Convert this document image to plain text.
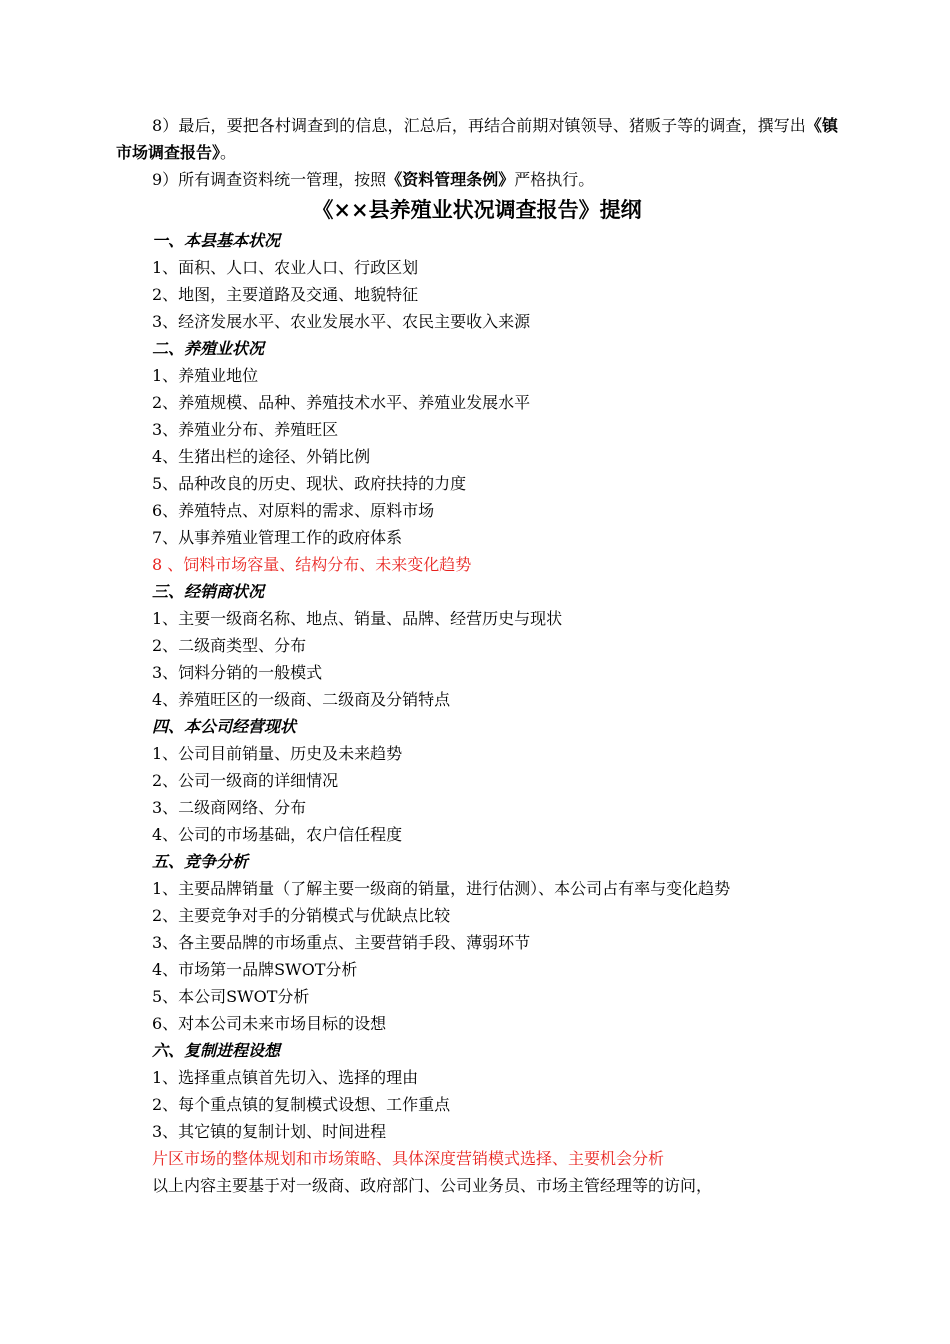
8）最后，要把各村调查到的信息，汇总后，再结合前期对镇领导、猪贩子等的调查，撰写出《镇市场调查报告》。
9）所有调查资料统一管理，按照《资料管理条例》严格执行。
《××县养殖业状况调查报告》提纲
一、本县基本状况
1、面积、人口、农业人口、行政区划
2、地图，主要道路及交通、地貌特征
3、经济发展水平、农业发展水平、农民主要收入来源
二、养殖业状况
1、养殖业地位
2、养殖规模、品种、养殖技术水平、养殖业发展水平
3、养殖业分布、养殖旺区
4、生猪出栏的途径、外销比例
5、品种改良的历史、现状、政府扶持的力度
6、养殖特点、对原料的需求、原料市场
7、从事养殖业管理工作的政府体系
8 、饲料市场容量、结构分布、未来变化趋势
三、经销商状况
1、主要一级商名称、地点、销量、品牌、经营历史与现状
2、二级商类型、分布
3、饲料分销的一般模式
4、养殖旺区的一级商、二级商及分销特点
四、本公司经营现状
1、公司目前销量、历史及未来趋势
2、公司一级商的详细情况
3、二级商网络、分布
4、公司的市场基础，农户信任程度
五、竞争分析
1、主要品牌销量（了解主要一级商的销量，进行估测）、本公司占有率与变化趋势
2、主要竞争对手的分销模式与优缺点比较
3、各主要品牌的市场重点、主要营销手段、薄弱环节
4、市场第一品牌SWOT分析
5、本公司SWOT分析
6、对本公司未来市场目标的设想
六、复制进程设想
1、选择重点镇首先切入、选择的理由
2、每个重点镇的复制模式设想、工作重点
3、其它镇的复制计划、时间进程
片区市场的整体规划和市场策略、具体深度营销模式选择、主要机会分析
以上内容主要基于对一级商、政府部门、公司业务员、市场主管经理等的访问，
